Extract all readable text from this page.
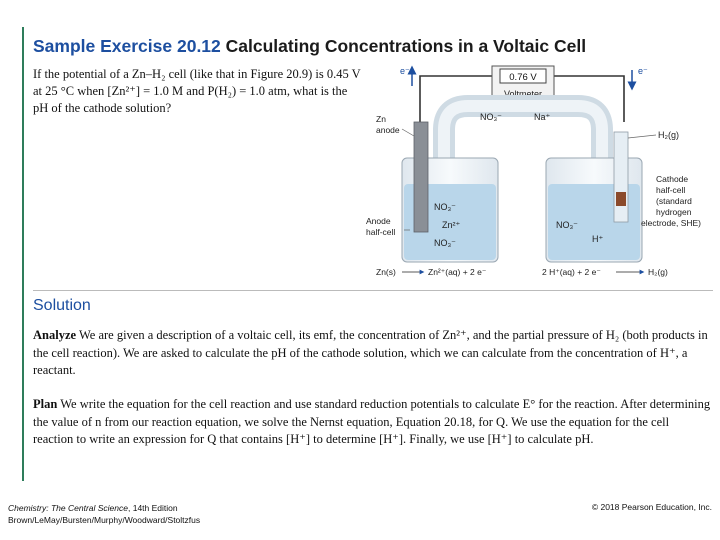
Sample Exercise 20.12 Calculating Concentrations in a Voltaic Cell
If the potential of a Zn–H₂ cell (like that in Figure 20.9) is 0.45 V at 25 °C when [Zn²⁺] = 1.0 M and P(H₂) = 1.0 atm, what is the pH of the cathode solution?
e⁻	e⁻
0.76 V
Voltmeter
NO₃⁻	Na⁺
Zn
anode
Anode
half-cell
NO₃⁻
Zn²⁺
NO₃⁻
NO₃⁻
H⁺
H₂(g)
Cathode
half-cell
(standard
hydrogen
electrode, SHE)
Zn(s)	Zn²⁺(aq) + 2 e⁻	2 H⁺(aq) + 2 e⁻	H₂(g)
Solution
Analyze We are given a description of a voltaic cell, its emf, the concentration of Zn²⁺, and the partial pressure of H₂ (both products in the cell reaction). We are asked to calculate the pH of the cathode solution, which we can calculate from the concentration of H⁺, a reactant.
Plan We write the equation for the cell reaction and use standard reduction potentials to calculate E° for the reaction. After determining the value of n from our reaction equation, we solve the Nernst equation, Equation 20.18, for Q. We use the equation for the cell reaction to write an expression for Q that contains [H⁺] to determine [H⁺]. Finally, we use [H⁺] to calculate pH.
Chemistry: The Central Science, 14th Edition
Brown/LeMay/Bursten/Murphy/Woodward/Stoltzfus
© 2018 Pearson Education, Inc.
